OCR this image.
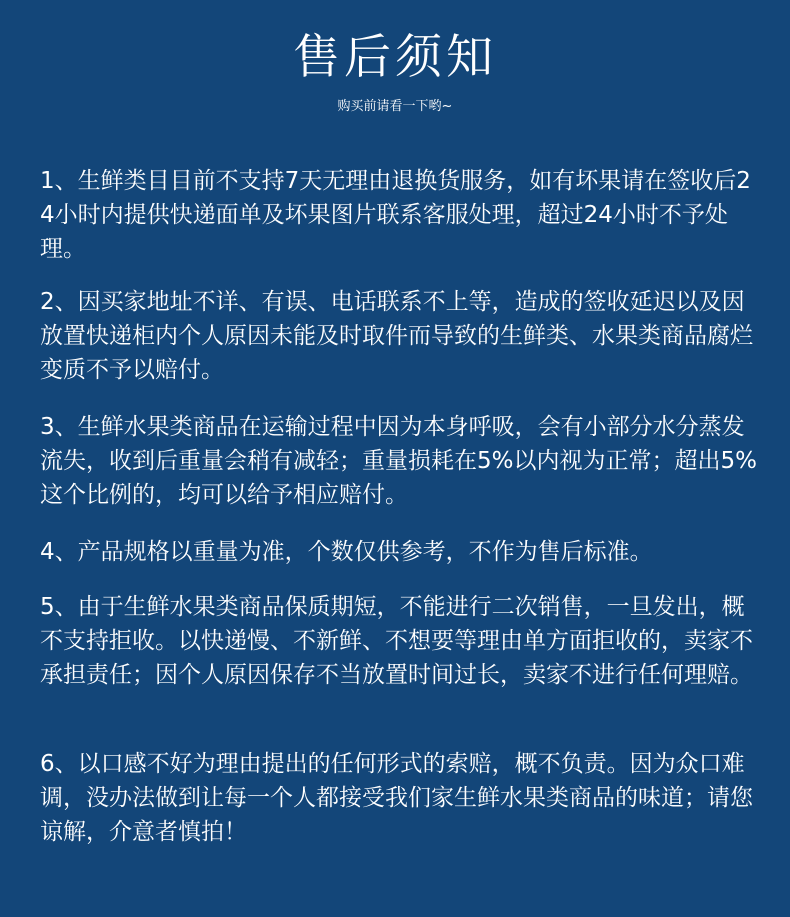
售后须知

购买前请看一下哟~

1、生鲜类目目前不支持7天无理由退换货服务，如有坏果请在签收后24小时内提供快递面单及坏果图片联系客服处理，超过24小时不予处理。

2、因买家地址不详、有误、电话联系不上等，造成的签收延迟以及因放置快递柜内个人原因未能及时取件而导致的生鲜类、水果类商品腐烂变质不予以赔付。

3、生鲜水果类商品在运输过程中因为本身呼吸，会有小部分水分蒸发流失，收到后重量会稍有减轻；重量损耗在5%以内视为正常；超出5%这个比例的，均可以给予相应赔付。

4、产品规格以重量为准，个数仅供参考，不作为售后标准。

5、由于生鲜水果类商品保质期短，不能进行二次销售，一旦发出，概不支持拒收。以快递慢、不新鲜、不想要等理由单方面拒收的，卖家不承担责任；因个人原因保存不当放置时间过长，卖家不进行任何理赔。

6、以口感不好为理由提出的任何形式的索赔，概不负责。因为众口难调，没办法做到让每一个人都接受我们家生鲜水果类商品的味道；请您谅解，介意者慎拍！
